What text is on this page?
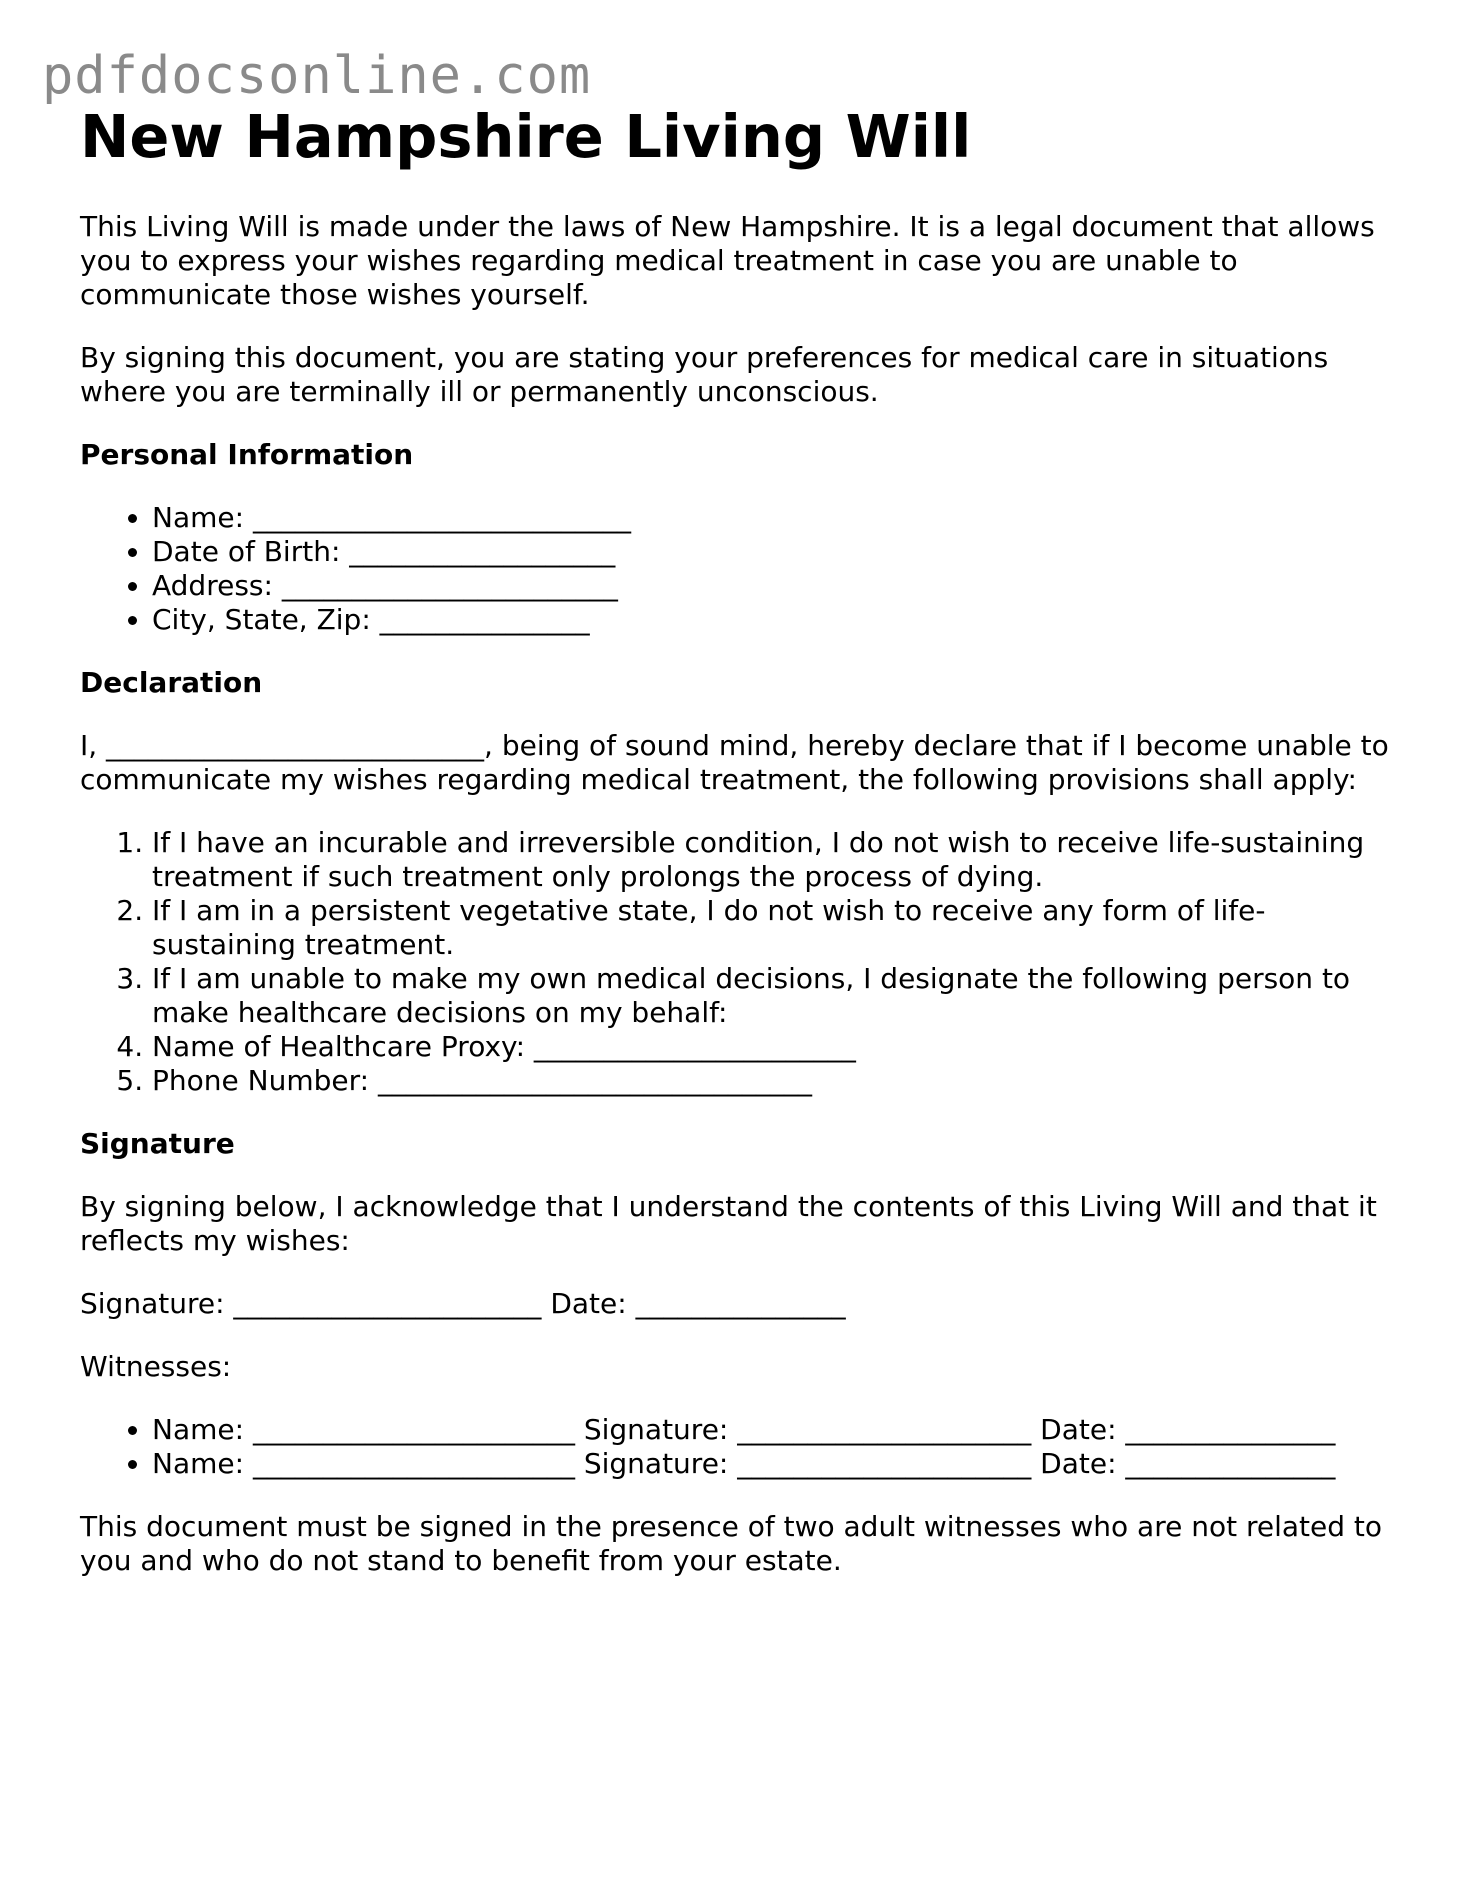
pdfdocsonline.com
New Hampshire Living Will

This Living Will is made under the laws of New Hampshire. It is a legal document that allows you to express your wishes regarding medical treatment in case you are unable to communicate those wishes yourself.

By signing this document, you are stating your preferences for medical care in situations where you are terminally ill or permanently unconscious.

Personal Information
• Name: ___________________________
• Date of Birth: ___________________
• Address: ________________________
• City, State, Zip: _______________
Declaration

I, ___________________________, being of sound mind, hereby declare that if I become unable to communicate my wishes regarding medical treatment, the following provisions shall apply:

1. If I have an incurable and irreversible condition, I do not wish to receive life-sustaining treatment if such treatment only prolongs the process of dying.
2. If I am in a persistent vegetative state, I do not wish to receive any form of life-sustaining treatment.
3. If I am unable to make my own medical decisions, I designate the following person to make healthcare decisions on my behalf:
4. Name of Healthcare Proxy: _______________________
5. Phone Number: _______________________________
Signature

By signing below, I acknowledge that I understand the contents of this Living Will and that it reflects my wishes:

Signature: ______________________ Date: _______________

Witnesses:

• Name: _______________________ Signature: _____________________ Date: _______________
• Name: _______________________ Signature: _____________________ Date: _______________

This document must be signed in the presence of two adult witnesses who are not related to you and who do not stand to benefit from your estate.
